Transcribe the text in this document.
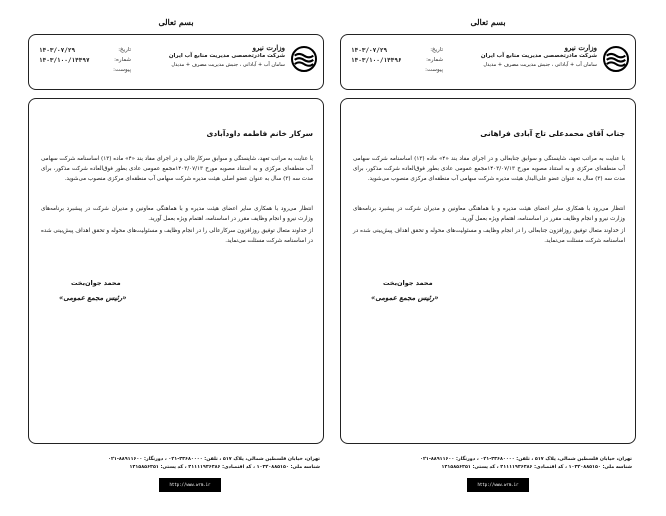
بسم تعالی
وزارت نیرو
شرکت مادرتخصصی مدیریت منابع آب ایران
سامان آب + آبادانی ، جنبش مدیریت مصرف + مدیدل
تاریخ:
۱۴۰۳/۰۷/۲۹
شماره:
۱۴۰۳/۱۰۰/۱۴۴۹۷
پیوست:
سرکار خانم فاطمه داودآبادی
با عنایت به مراتب تعهد، شایستگی و سوابق سرکارعالی و در اجرای مفاد بند «۴» ماده (۱۳) اساسنامه شرکت سهامی آب منطقه‌ای مرکزی و به استناد مصوبه مورخ ۱۴۰۳/۰۷/۱۳مجمع عمومی عادی بطور فوق‌العاده شرکت مذکور، برای مدت سه (۳) سال به عنوان عضو اصلی هیئت مدیره شرکت سهامی آب منطقه‌ای مرکزی منصوب می‌شوید.
انتظار می‌رود با همکاری سایر اعضای هیئت مدیره و با هماهنگی معاونین و مدیران شرکت در پیشبرد برنامه‌های وزارت نیرو و انجام وظایف مقرر در اساسنامه، اهتمام ویژه بعمل آورید.
از خداوند متعال توفیق روزافزون سرکارعالی را در انجام وظایف و مسئولیت‌های محوله و تحقق اهداف پیش‌بینی شده در اساسنامه شرکت مسئلت می‌نماید.
محمد جوان‌بخت
«رئیس مجمع عمومی»
تهران، خیابان فلسطین شمالی، پلاک ۵۱۷ ، تلفن: ۴۳۶۸۰۰۰۰-۰۲۱ ، دورنگار: ۸۸۹۱۱۶۰۰-۰۲۱
شناسه ملی: ۱۰۳۲۰۸۸۵۱۵۰ ، کد اقتصادی: ۴۱۱۱۱۹۳۶۴۸۶ ، کد پستی: ۱۴۱۵۸۵۶۴۵۱
http://www.wrm.ir
بسم تعالی
وزارت نیرو
شرکت مادرتخصصی مدیریت منابع آب ایران
سامان آب + آبادانی ، جنبش مدیریت مصرف + مدیدل
تاریخ:
۱۴۰۳/۰۷/۲۹
شماره:
۱۴۰۳/۱۰۰/۱۴۴۹۶
پیوست:
جناب آقای محمدعلی تاج آبادی فراهانی
با عنایت به مراتب تعهد، شایستگی و سوابق جنابعالی و در اجرای مفاد بند «۴» ماده (۱۳) اساسنامه شرکت سهامی آب منطقه‌ای مرکزی و به استناد مصوبه مورخ ۱۴۰۳/۰۷/۱۳مجمع عمومی عادی بطور فوق‌العاده شرکت مذکور، برای مدت سه (۳) سال به عنوان عضو علی‌البدل هیئت مدیره شرکت سهامی آب منطقه‌ای مرکزی منصوب می‌شوید.
انتظار می‌رود با همکاری سایر اعضای هیئت مدیره و با هماهنگی معاونین و مدیران شرکت در پیشبرد برنامه‌های وزارت نیرو و انجام وظایف مقرر در اساسنامه، اهتمام ویژه بعمل آورید.
از خداوند متعال توفیق روزافزون جنابعالی را در انجام وظایف و مسئولیت‌های محوله و تحقق اهداف پیش‌بینی شده در اساسنامه شرکت مسئلت می‌نماید.
محمد جوان‌بخت
«رئیس مجمع عمومی»
تهران، خیابان فلسطین شمالی، پلاک ۵۱۷ ، تلفن: ۴۳۶۸۰۰۰۰-۰۲۱ ، دورنگار: ۸۸۹۱۱۶۰۰-۰۲۱
شناسه ملی: ۱۰۳۲۰۸۸۵۱۵۰ ، کد اقتصادی: ۴۱۱۱۱۹۳۶۴۸۶ ، کد پستی: ۱۴۱۵۸۵۶۴۵۱
http://www.wrm.ir
